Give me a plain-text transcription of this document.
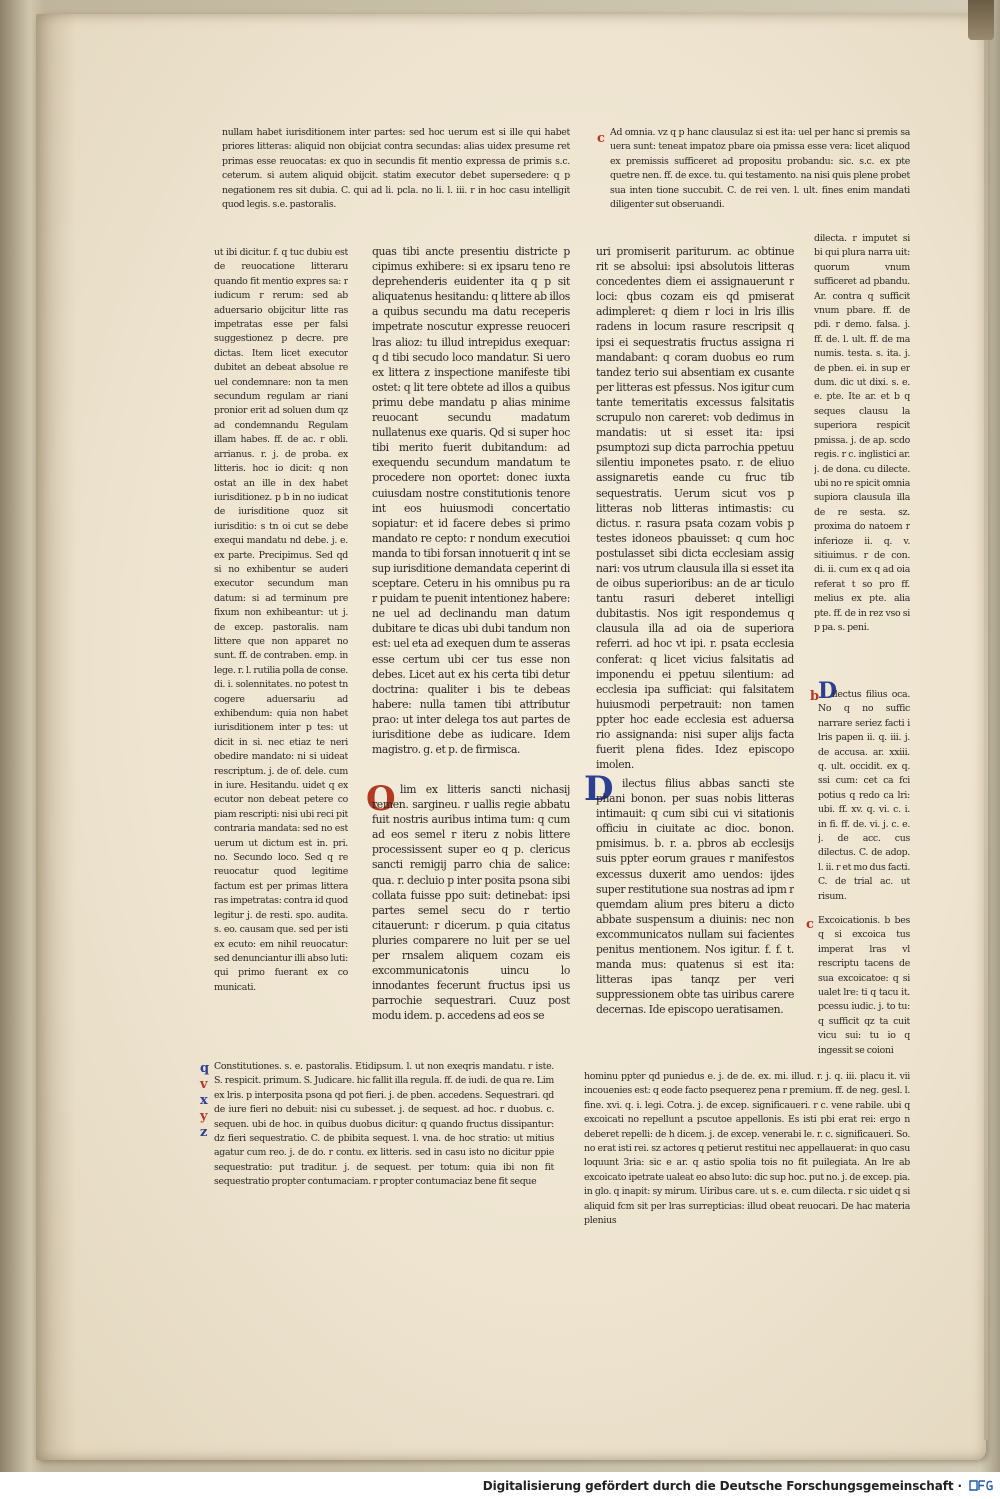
nullam habet iurisditionem inter partes: sed hoc uerum est si ille qui habet priores litteras: aliquid non obijciat contra secundas: alias uidex presume ret primas esse reuocatas: ex quo in secundis fit mentio expressa de primis s.c. ceterum. si autem aliquid obijcit. statim executor debet supersedere: q p negationem res sit dubia. C. qui ad li. pcla. no li. l. iii. r in hoc casu intelligit quod legis. s.e. pastoralis.
c Ad omnia. vz q p hanc clausulaz si est ita: uel per hanc si premis sa uera sunt: teneat impatoz pbare oia pmissa esse vera: licet aliquod ex premissis sufficeret ad propositu probandu: sic. s.c. ex pte quetre nen. ff. de exce. tu. qui testamento. na nisi quis plene probet sua inten tione succubit. C. de rei ven. l. ult. fines enim mandati diligenter sut obseruandi.
ut ibi dicitur. f. q tuc dubiu est de reuocatione litteraru quando fit mentio expres sa: r iudicum r rerum: sed ab aduersario obijcitur litte ras impetratas esse per falsi suggestionez p decre. pre dictas. Item licet executor dubitet an debeat absolue re uel condemnare: non ta men secundum regulam ar riani pronior erit ad soluen dum qz ad condemnandu Regulam illam habes. ff. de ac. r obli. arrianus. r. j. de proba. ex litteris. hoc io dicit: q non ostat an ille in dex habet iurisditionez. p b in no iudicat de iurisditione quoz sit iurisditio: s tn oi cut se debe exequi mandatu nd debe. j. e. ex parte. Precipimus. Sed qd si no exhibentur se auderi executor secundum man datum: si ad terminum pre fixum non exhibeantur: ut j. de excep. pastoralis. nam littere que non apparet no sunt. ff. de contraben. emp. in lege. r. l. rutilia polla de conse. di. i. solennitates. no potest tn cogere aduersariu ad exhibendum: quia non habet iurisditionem inter p tes: ut dicit in si. nec etiaz te neri obedire mandato: ni si uideat rescriptum. j. de of. dele. cum in iure. Hesitandu. uidet q ex ecutor non debeat petere co piam rescripti: nisi ubi reci pit contraria mandata: sed no est uerum ut dictum est in. pri. no. Secundo loco. Sed q re reuocatur quod legitime factum est per primas littera ras impetratas: contra id quod legitur j. de resti. spo. audita. s. eo. causam que. sed per isti ex ecuto: em nihil reuocatur: sed denunciantur illi abso luti: qui primo fuerant ex co municati.
quas tibi ancte presentiu districte p cipimus exhibere: si ex ipsaru teno re deprehenderis euidenter ita q p sit aliquatenus hesitandu: q littere ab illos a quibus secundu ma datu receperis impetrate noscutur expresse reuoceri lras alioz: tu illud intrepidus exequar: q d tibi secudo loco mandatur. Si uero ex littera z inspectione manifeste tibi ostet: q lit tere obtete ad illos a quibus primu debe mandatu p alias minime reuocant secundu madatum nullatenus exe quaris. Qd si super hoc tibi merito fuerit dubitandum: ad exequendu secundum mandatum te procedere non oportet: donec iuxta cuiusdam nostre constitutionis tenore int eos huiusmodi concertatio sopiatur: et id facere debes si primo mandato re cepto: r nondum executioi manda to tibi forsan innotuerit q int se sup iurisditione demandata ceperint di sceptare. Ceteru in his omnibus pu ra r puidam te puenit intentionez habere: ne uel ad declinandu man datum dubitare te dicas ubi dubi tandum non est: uel eta ad exequen dum te asseras esse certum ubi cer tus esse non debes. Licet aut ex his certa tibi detur doctrina: qualiter i bis te debeas habere: nulla tamen tibi attributur prao: ut inter delega tos aut partes de iurisditione debe as iudicare. Idem magistro. g. et p. de firmisca.
O lim ex litteris sancti nichasij remen. sargineu. r uallis regie abbatu fuit nostris auribus intima tum: q cum ad eos semel r iteru z nobis littere processissent super eo q p. clericus sancti remigij parro chia de salice: qua. r. decluio p inter posita psona sibi collata fuisse ppo suit: detinebat: ipsi partes semel secu do r tertio citauerunt: r dicerum. p quia citatus pluries comparere no luit per se uel per rnsalem aliquem cozam eis excommunicatonis uincu lo innodantes fecerunt fructus ipsi us parrochie sequestrari. Cuuz post modu idem. p. accedens ad eos se
uri promiserit pariturum. ac obtinue rit se absolui: ipsi absolutois litteras concedentes diem ei assignauerunt r loci: qbus cozam eis qd pmiserat adimpleret: q diem r loci in lris illis radens in locum rasure rescripsit q ipsi ei sequestratis fructus assigna ri mandabant: q coram duobus eo rum tandez terio sui absentiam ex cusante per litteras est pfessus. Nos igitur cum tante temeritatis excessus falsitatis scrupulo non careret: vob dedimus in mandatis: ut si esset ita: ipsi psumptozi sup dicta parrochia ppetuu silentiu imponetes psato. r. de eliuo assignaretis eande cu fruc tib sequestratis. Uerum sicut vos p litteras nob litteras intimastis: cu dictus. r. rasura psata cozam vobis p testes idoneos pbauisset: q cum hoc postulasset sibi dicta ecclesiam assig nari: vos utrum clausula illa si esset ita de oibus superioribus: an de ar ticulo tantu rasuri deberet intelligi dubitastis. Nos igit respondemus q clausula illa ad oia de superiora referri. ad hoc vt ipi. r. psata ecclesia conferat: q licet vicius falsitatis ad imponendu ei ppetuu silentium: ad ecclesia ipa sufficiat: qui falsitatem huiusmodi perpetrauit: non tamen ppter hoc eade ecclesia est aduersa rio assignanda: nisi super alijs facta fuerit plena fides. Idez episcopo imolen.
D ilectus filius abbas sancti ste phani bonon. per suas nobis litteras intimauit: q cum sibi cui vi sitationis officiu in ciuitate ac dioc. bonon. pmisimus. b. r. a. pbros ab ecclesijs suis ppter eorum graues r manifestos excessus duxerit amo uendos: ijdes super restitutione sua nostras ad ipm r quemdam alium pres biteru a dicto abbate suspensum a diuinis: nec non excommunicatos nullam sui facientes penitus mentionem. Nos igitur. f. f. t. manda mus: quatenus si est ita: litteras ipas tanqz per veri suppressionem obte tas uiribus carere decernas. Ide episcopo ueratisamen.
dilecta. r imputet si bi qui plura narra uit: quorum vnum sufficeret ad pbandu. Ar. contra q sufficit vnum pbare. ff. de pdi. r demo. falsa. j. ff. de. l. ult. ff. de ma numis. testa. s. ita. j. de pben. ei. in sup er dum. dic ut dixi. s. e. e. pte. Ite ar. et b q seques clausu la superiora respicit pmissa. j. de ap. scdo regis. r c. inglistici ar. j. de dona. cu dilecte. ubi no re spicit omnia supiora clausula illa de re sesta. sz. proxima do natoem r inferioze ii. q. v. sitiuimus. r de con. di. ii. cum ex q ad oia referat t so pro ff. melius ex pte. alia pte. ff. de in rez vso si p pa. s. peni.
b
D
ilectus filius oca. No q no suffic narrare seriez facti i lris papen ii. q. iii. j. de accusa. ar. xxiii. q. ult. occidit. ex q. ssi cum: cet ca fci potius q redo ca lri: ubi. ff. xv. q. vi. c. i. in fi. ff. de. vi. j. c. e. j. de acc. cus dilectus. C. de adop. l. ii. r et mo dus facti. C. de trial ac. ut risum.
c Excoicationis. b bes q si excoica tus imperat lras vl rescriptu tacens de sua excoicatoe: q si ualet lre: ti q tacu it. pcessu iudic. j. to tu: q sufficit qz ta cuit vicu sui: tu io q ingessit se coioni
q
v
x
y
z
Constitutiones. s. e. pastoralis. Etidipsum. l. ut non exeqris mandatu. r iste. S. respicit. primum. S. Judicare. hic fallit illa regula. ff. de iudi. de qua re. Lim ex lris. p interposita psona qd pot fieri. j. de pben. accedens. Sequestrari. qd de iure fieri no debuit: nisi cu subesset. j. de sequest. ad hoc. r duobus. c. sequen. ubi de hoc. in quibus duobus dicitur: q quando fructus dissipantur: dz fieri sequestratio. C. de pbibita sequest. l. vna. de hoc stratio: ut mitius agatur cum reo. j. de do. r contu. ex litteris. sed in casu isto no dicitur ppie sequestratio: put traditur. j. de sequest. per totum: quia ibi non fit sequestratio propter contumaciam. r propter contumaciaz bene fit seque
hominu ppter qd puniedus e. j. de de. ex. mi. illud. r. j. q. iii. placu it. vii incouenies est: q eode facto psequerez pena r premium. ff. de neg. gesl. l. fine. xvi. q. i. legi. Cotra. j. de excep. significaueri. r c. vene rabile. ubi q excoicati no repellunt a pscutoe appellonis. Es isti pbi erat rei: ergo n deberet repelli: de h dicem. j. de excep. venerabi le. r. c. significaueri. So. no erat isti rei. sz actores q petierut restitui nec appellauerat: in quo casu loquunt 3ria: sic e ar. q astio spolia tois no fit puilegiata. An lre ab excoicato ipetrate ualeat eo abso luto: dic sup hoc. put no. j. de excep. pia. in glo. q inapit: sy mirum. Uiribus care. ut s. e. cum dilecta. r sic uidet q si aliquid fcm sit per lras surrepticias: illud obeat reuocari. De hac materia plenius
Digitalisierung gefördert durch die Deutsche Forschungsgemeinschaft ·
